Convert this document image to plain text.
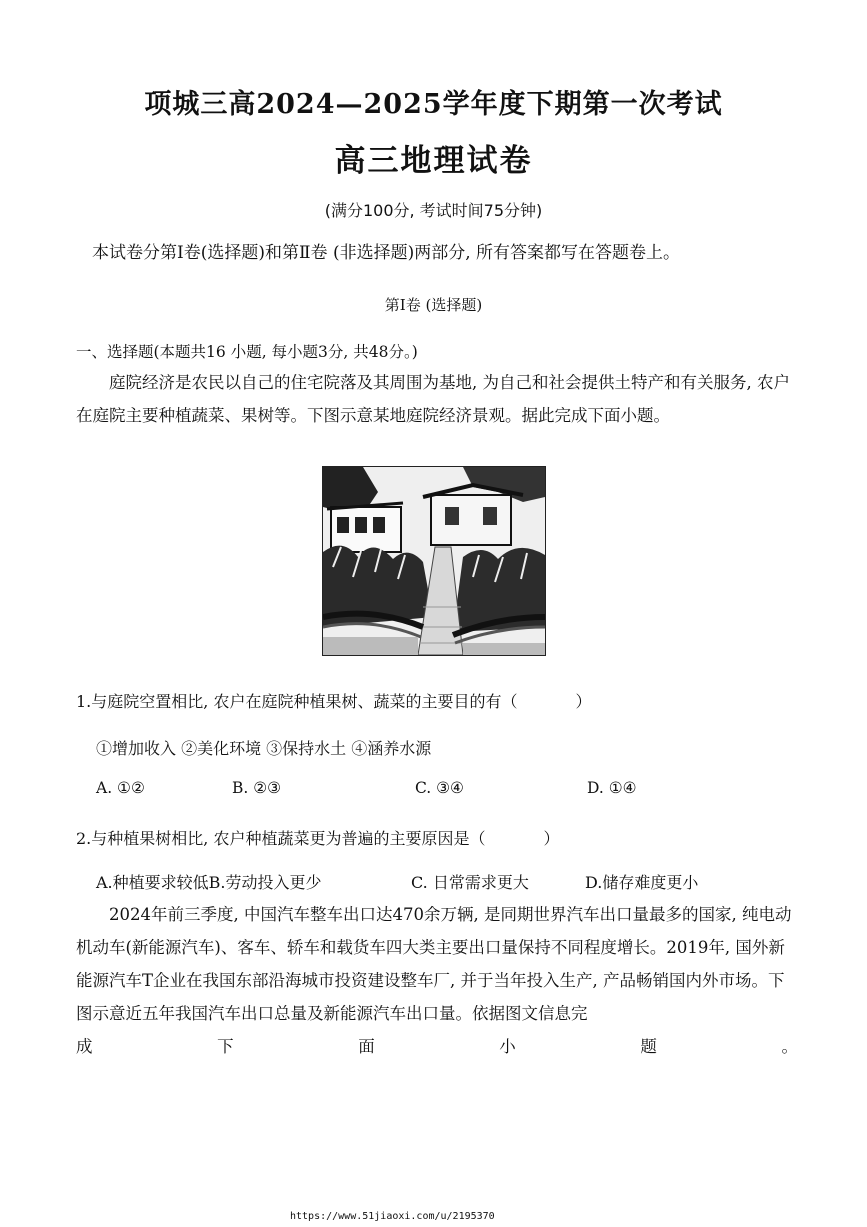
项城三高2024—2025学年度下期第一次考试
高三地理试卷
(满分100分, 考试时间75分钟)
本试卷分第Ⅰ卷(选择题)和第Ⅱ卷 (非选择题)两部分, 所有答案都写在答题卷上。
第Ⅰ卷 (选择题)
一、选择题(本题共16 小题, 每小题3分, 共48分。)
庭院经济是农民以自己的住宅院落及其周围为基地, 为自己和社会提供土特产和有关服务, 农户在庭院主要种植蔬菜、果树等。下图示意某地庭院经济景观。据此完成下面小题。
1.与庭院空置相比, 农户在庭院种植果树、蔬菜的主要目的有（	）
①增加收入 ②美化环境 ③保持水土 ④涵养水源
A. ①②	B. ②③	C. ③④	D. ①④
2.与种植果树相比, 农户种植蔬菜更为普遍的主要原因是（	）
A.种植要求较低B.劳动投入更少	C. 日常需求更大	D.储存难度更小
2024年前三季度, 中国汽车整车出口达470余万辆, 是同期世界汽车出口量最多的国家, 纯电动机动车(新能源汽车)、客车、轿车和载货车四大类主要出口量保持不同程度增长。2019年, 国外新能源汽车T企业在我国东部沿海城市投资建设整车厂, 并于当年投入生产, 产品畅销国内外市场。下图示意近五年我国汽车出口总量及新能源汽车出口量。依据图文信息完
成	下	面	小	题	。
https://www.51jiaoxi.com/u/2195370
